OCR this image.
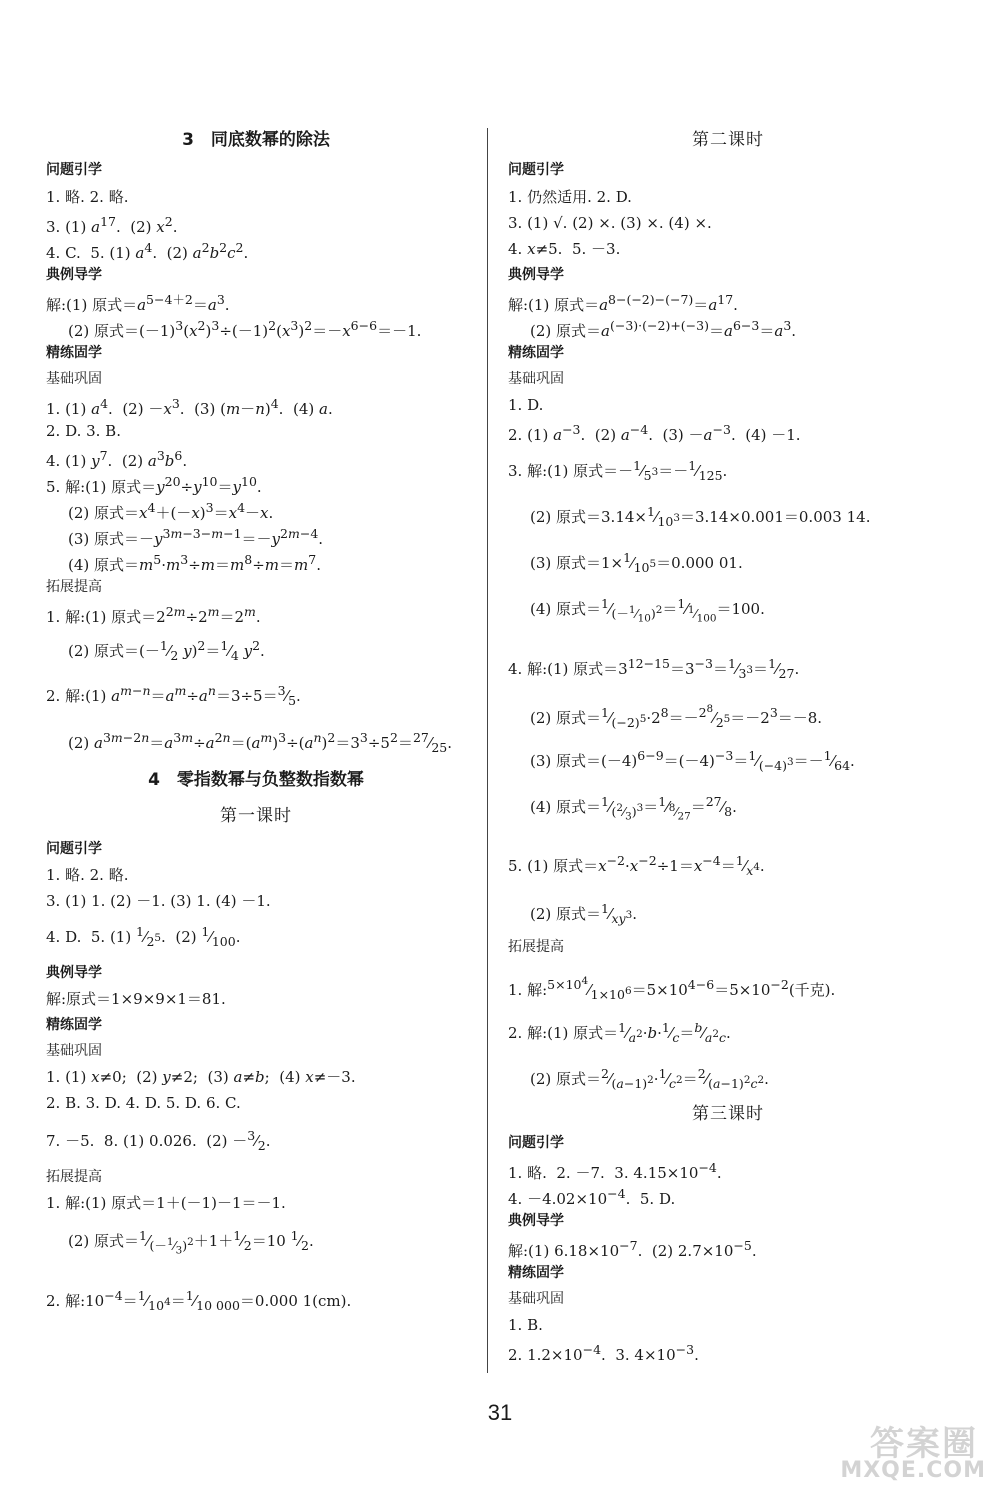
3　同底数幂的除法
问题引学
1. 略. 2. 略.
3. (1) $a^{17}$.  (2) $x^2$.
4. C.  5. (1) $a^4$.  (2) $a^2b^2c^2$.
典例导学
解:(1) 原式$=a^{5-4+2}=a^3$.
(2) 原式$=(-1)^3(x^2)^3\div(-1)^2(x^3)^2=-x^{6-6}=-1$.
精练固学
基础巩固
1. (1) $a^4$.  $(2) -x^3$.  (3) $(m-n)^4$.  (4) a.
2. D. 3. B.
4. (1) $y^7$.  (2) $a^3b^6$.
5. 解:(1) 原式$=y^{20}\div y^{10}=y^{10}$.
(2) 原式$=x^4+(-x)^3=x^4-x$.
(3) 原式$=-y^{3m-3-m-1}=-y^{2m-4}$.
(4) 原式$=m^5\cdot m^3\div m=m^8\div m=m^7$.
拓展提高
1. 解:(1) 原式$=2^{2m}\div 2^m=2^m$.
(2) 原式$=(-^1⁄_2$ $y)^2=^1⁄_4$ $y^2$.
2. 解:(1) $a^{m-n}=a^m\div a^n=3\div 5=^3⁄_5$.
(2) $a^{3m-2n}=a^{3m}\div a^{2n}=(a^m)^3\div(a^n)^2=3^3\div 5^2=^{27}⁄_{25}$.
4　零指数幂与负整数指数幂
第一课时
问题引学
1. 略. 2. 略.
3. (1) 1. (2) －1. (3) 1. (4) －1.
4. D.  5. (1) $^1⁄_{2^5}$.  (2) $^1⁄_{100}$.
典例导学
解:原式＝1×9×9×1＝81.
精练固学
基础巩固
1. (1) x≠0;  (2) y≠2;  (3) a≠b;  (4) x≠－3.
2. B. 3. D. 4. D. 5. D. 6. C.
7. －5.  8. (1) 0.026.  $(2) -^3⁄_2$.
拓展提高
1. 解:(1) 原式＝1＋(－1)－1＝－1.
(2) 原式$=^1⁄_{(-^1⁄_3)^2}+1+^1⁄_2=10$ $^1⁄_2$.
2. 解$:10^{-4}=^1⁄_{10^4}=^1⁄_{10 000}=0.000$ 1(cm).
第二课时
问题引学
1. 仍然适用. 2. D.
3. (1) √. (2) ×. (3) ×. (4) ×.
4. x≠5.  5. －3.
典例导学
解:(1) 原式$=a^{8-(-2)-(-7)}=a^{17}$.
(2) 原式$=a^{(-3)\cdot(-2)+(-3)}=a^{6-3}=a^3$.
精练固学
基础巩固
1. D.
2. (1) $a^{-3}$.  (2) $a^{-4}$.  $(3) -a^{-3}$.  (4) －1.
3. 解:(1) 原式$=-^1⁄_{5^3}=-^1⁄_{125}$.
(2) 原式$=3.14\times^1⁄_{10^3}=3.14\times 0.001=0.003$ 14.
(3) 原式$=1\times^1⁄_{10^5}=0.000$ 01.
(4) 原式$=^1⁄_{(-^1⁄_{10})^2}=^1⁄_{^1⁄_{100}}=100$.
4. 解:(1) 原式$=3^{12-15}=3^{-3}=^1⁄_{3^3}=^1⁄_{27}$.
(2) 原式$=^1⁄_{(-2)^5}\cdot 2^8=-^{2^8}⁄_{2^5}=-2^3=-8$.
(3) 原式$=(-4)^{6-9}=(-4)^{-3}=^1⁄_{(-4)^3}=-^1⁄_{64}$.
(4) 原式$=^1⁄_{(^2⁄_3)^3}=^1⁄_{^8⁄_{27}}=^{27}⁄_8$.
5. (1) 原式$=x^{-2}\cdot x^{-2}\div 1=x^{-4}=^1⁄_{x^4}$.
(2) 原式$=^1⁄_{xy^3}$.
拓展提高
1. 解$:^{5\times 10^4}⁄_{1\times 10^6}=5\times 10^{4-6}=5\times 10^{-2}$(千克).
2. 解:(1) 原式$=^1⁄_{a^2}\cdot b\cdot^1⁄_c=^b⁄_{a^2c}$.
(2) 原式$=^2⁄_{(a-1)^2}\cdot^1⁄_{c^2}=^2⁄_{(a-1)^2c^2}$.
第三课时
问题引学
1. 略.  2. －7.  3. $4.15\times 10^{-4}$.
4. $-4.02\times 10^{-4}$.  5. D.
典例导学
解:(1) $6.18\times 10^{-7}$.  (2) $2.7\times 10^{-5}$.
精练固学
基础巩固
1. B.
2. $1.2\times 10^{-4}$.  3. $4\times 10^{-3}$.
31
答案圈
MXQE.COM
